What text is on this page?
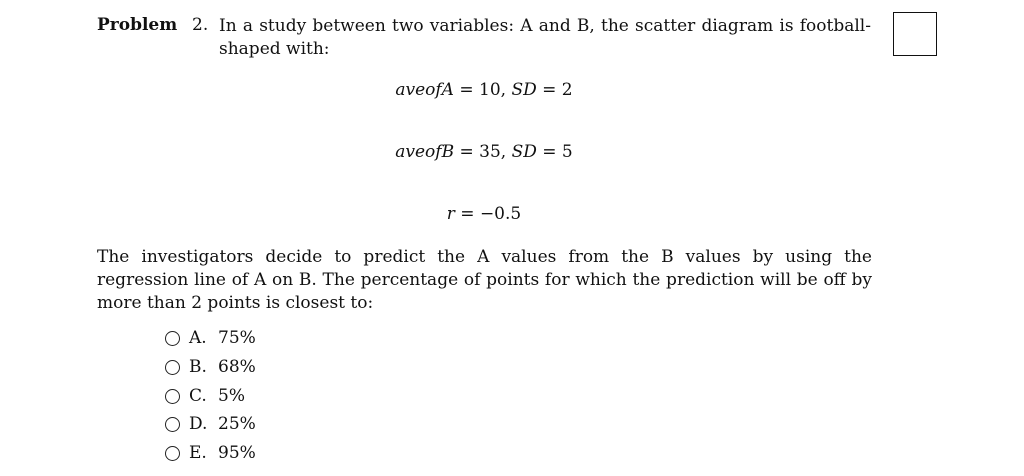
Problem 2. In a study between two variables: A and B, the scatter diagram is football-shaped with:
aveofA = 10, SD = 2
aveofB = 35, SD = 5
r = −0.5
The investigators decide to predict the A values from the B values by using the regression line of A on B. The percentage of points for which the prediction will be off by more than 2 points is closest to:
A. 75%
B. 68%
C. 5%
D. 25%
E. 95%
